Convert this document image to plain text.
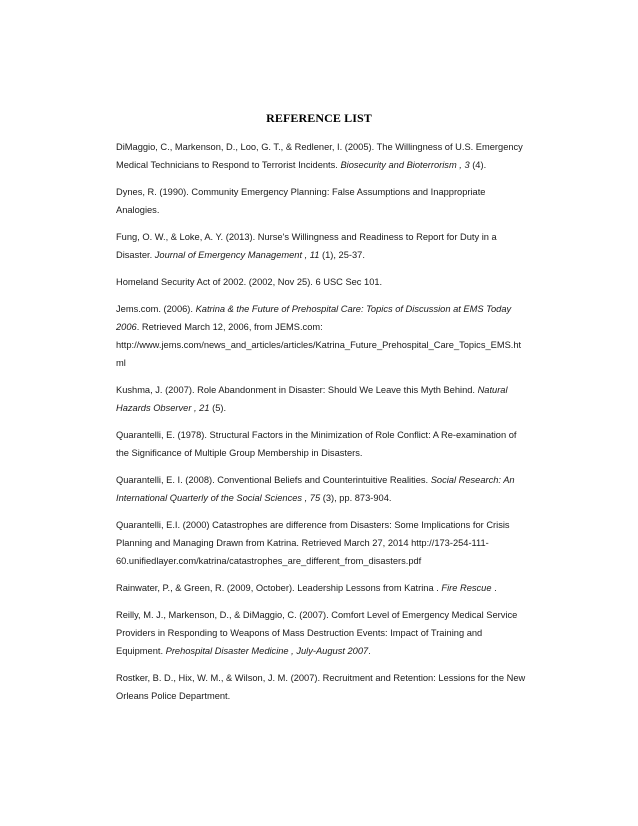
REFERENCE LIST
DiMaggio, C., Markenson, D., Loo, G. T., & Redlener, I. (2005). The Willingness of U.S. Emergency Medical Technicians to Respond to Terrorist Incidents. Biosecurity and Bioterrorism , 3 (4).
Dynes, R. (1990). Community Emergency Planning: False Assumptions and Inappropriate Analogies.
Fung, O. W., & Loke, A. Y. (2013). Nurse's Willingness and Readiness to Report for Duty in a Disaster. Journal of Emergency Management , 11 (1), 25-37.
Homeland Security Act of 2002. (2002, Nov 25). 6 USC Sec 101.
Jems.com. (2006). Katrina & the Future of Prehospital Care: Topics of Discussion at EMS Today 2006. Retrieved March 12, 2006, from JEMS.com: http://www.jems.com/news_and_articles/articles/Katrina_Future_Prehospital_Care_Topics_EMS.html
Kushma, J. (2007). Role Abandonment in Disaster: Should We Leave this Myth Behind. Natural Hazards Observer , 21 (5).
Quarantelli, E. (1978). Structural Factors in the Minimization of Role Conflict: A Re-examination of the Significance of Multiple Group Membership in Disasters.
Quarantelli, E. I. (2008). Conventional Beliefs and Counterintuitive Realities. Social Research: An International Quarterly of the Social Sciences , 75 (3), pp. 873-904.
Quarantelli, E.I. (2000) Catastrophes are difference from Disasters: Some Implications for Crisis Planning and Managing Drawn from Katrina. Retrieved March 27, 2014 http://173-254-111-60.unifiedlayer.com/katrina/catastrophes_are_different_from_disasters.pdf
Rainwater, P., & Green, R. (2009, October). Leadership Lessons from Katrina . Fire Rescue .
Reilly, M. J., Markenson, D., & DiMaggio, C. (2007). Comfort Level of Emergency Medical Service Providers in Responding to Weapons of Mass Destruction Events: Impact of Training and Equipment. Prehospital Disaster Medicine , July-August 2007.
Rostker, B. D., Hix, W. M., & Wilson, J. M. (2007). Recruitment and Retention: Lessions for the New Orleans Police Department.
